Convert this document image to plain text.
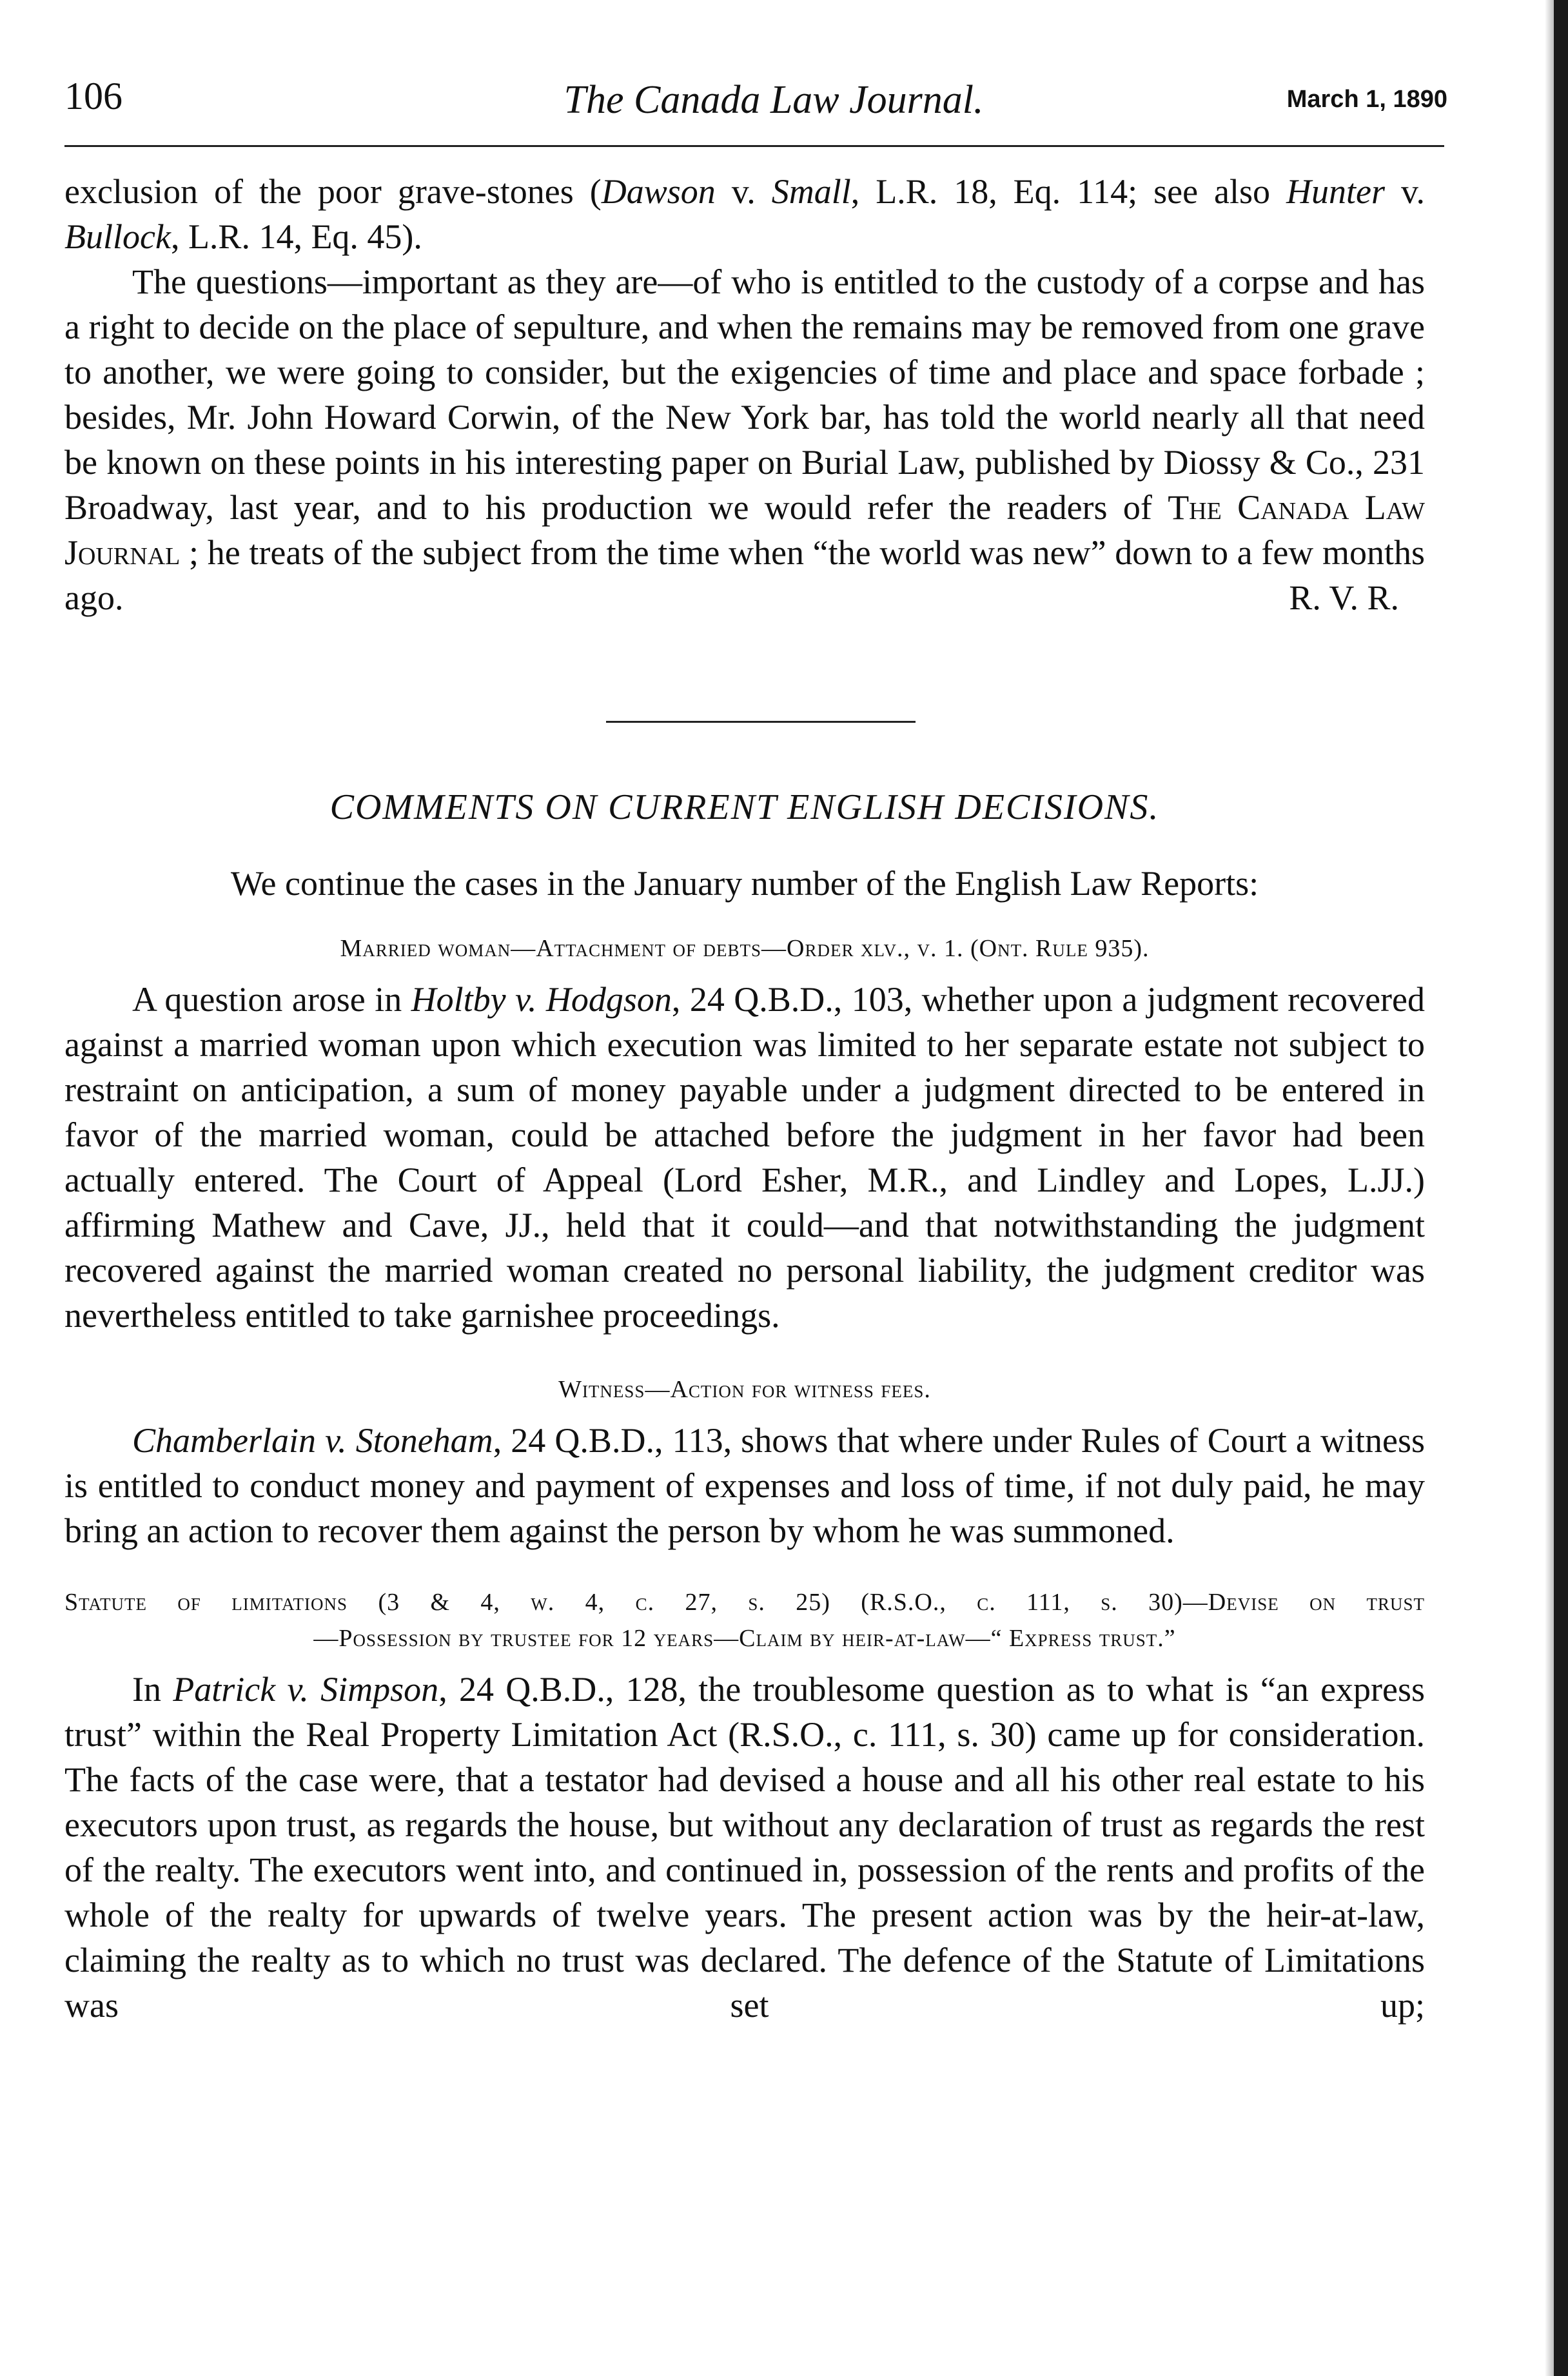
106	The Canada Law Journal.	March 1, 1890

exclusion of the poor grave-stones (Dawson v. Small, L.R. 18, Eq. 114; see also Hunter v. Bullock, L.R. 14, Eq. 45).

The questions—important as they are—of who is entitled to the custody of a corpse and has a right to decide on the place of sepulture, and when the remains may be removed from one grave to another, we were going to consider, but the exigencies of time and place and space forbade ; besides, Mr. John Howard Corwin, of the New York bar, has told the world nearly all that need be known on these points in his interesting paper on Burial Law, published by Diossy & Co., 231 Broadway, last year, and to his production we would refer the readers of The Canada Law Journal ; he treats of the subject from the time when “the world was new” down to a few months ago.	R. V. R.

COMMENTS ON CURRENT ENGLISH DECISIONS.

We continue the cases in the January number of the English Law Reports:

Married woman—Attachment of debts—Order xlv., v. 1. (Ont. Rule 935).

A question arose in Holtby v. Hodgson, 24 Q.B.D., 103, whether upon a judgment recovered against a married woman upon which execution was limited to her separate estate not subject to restraint on anticipation, a sum of money payable under a judgment directed to be entered in favor of the married woman, could be attached before the judgment in her favor had been actually entered. The Court of Appeal (Lord Esher, M.R., and Lindley and Lopes, L.JJ.) affirming Mathew and Cave, JJ., held that it could—and that notwithstanding the judgment recovered against the married woman created no personal liability, the judgment creditor was nevertheless entitled to take garnishee proceedings.

Witness—Action for witness fees.

Chamberlain v. Stoneham, 24 Q.B.D., 113, shows that where under Rules of Court a witness is entitled to conduct money and payment of expenses and loss of time, if not duly paid, he may bring an action to recover them against the person by whom he was summoned.

Statute of limitations (3 & 4, w. 4, c. 27, s. 25) (R.S.O., c. 111, s. 30)—Devise on trust
—Possession by trustee for 12 years—Claim by heir-at-law—“ Express trust.”

In Patrick v. Simpson, 24 Q.B.D., 128, the troublesome question as to what is “an express trust” within the Real Property Limitation Act (R.S.O., c. 111, s. 30) came up for consideration. The facts of the case were, that a testator had devised a house and all his other real estate to his executors upon trust, as regards the house, but without any declaration of trust as regards the rest of the realty. The executors went into, and continued in, possession of the rents and profits of the whole of the realty for upwards of twelve years. The present action was by the heir-at-law, claiming the realty as to which no trust was declared. The defence of the Statute of Limitations was set up;
